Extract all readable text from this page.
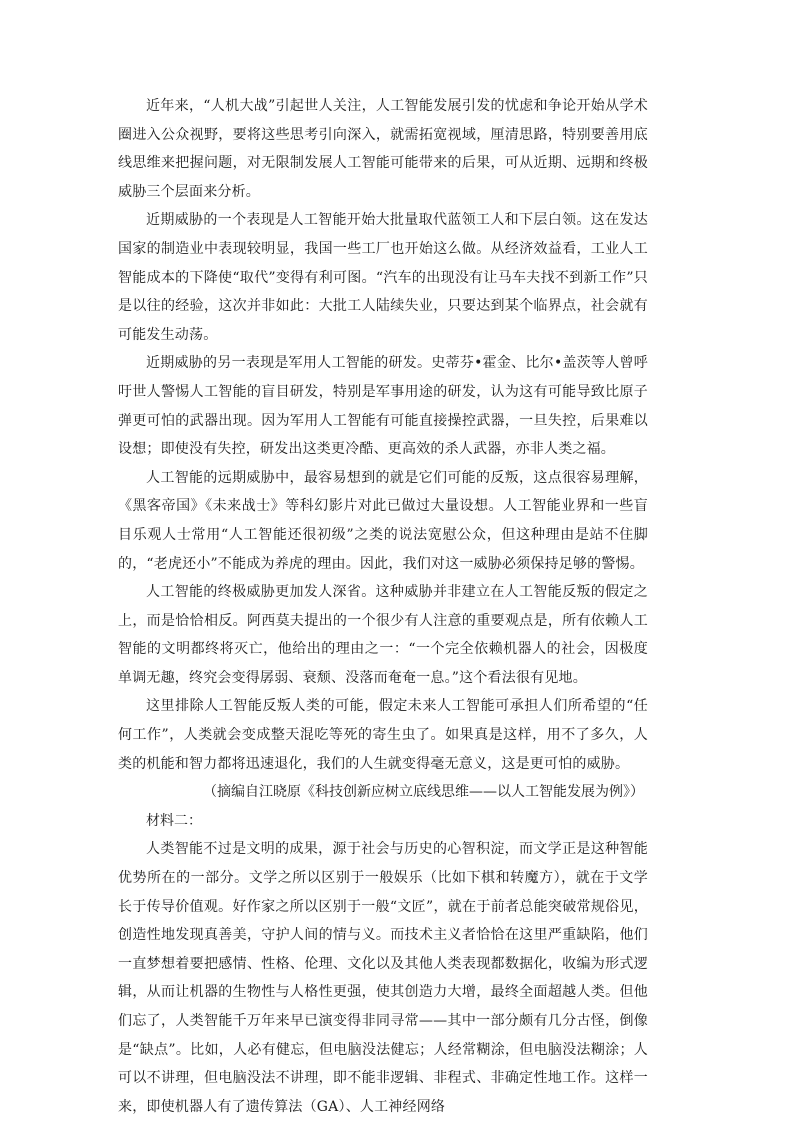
近年来，“人机大战”引起世人关注，人工智能发展引发的忧虑和争论开始从学术圈进入公众视野，要将这些思考引向深入，就需拓宽视域，厘清思路，特别要善用底线思维来把握问题，对无限制发展人工智能可能带来的后果，可从近期、远期和终极威胁三个层面来分析。

近期威胁的一个表现是人工智能开始大批量取代蓝领工人和下层白领。这在发达国家的制造业中表现较明显，我国一些工厂也开始这么做。从经济效益看，工业人工智能成本的下降使“取代”变得有利可图。“汽车的出现没有让马车夫找不到新工作”只是以往的经验，这次并非如此：大批工人陆续失业，只要达到某个临界点，社会就有可能发生动荡。

近期威胁的另一表现是军用人工智能的研发。史蒂芬•霍金、比尔•盖茨等人曾呼吁世人警惕人工智能的盲目研发，特别是军事用途的研发，认为这有可能导致比原子弹更可怕的武器出现。因为军用人工智能有可能直接操控武器，一旦失控，后果难以设想；即使没有失控，研发出这类更冷酷、更高效的杀人武器，亦非人类之福。

人工智能的远期威胁中，最容易想到的就是它们可能的反叛，这点很容易理解，《黑客帝国》《未来战士》等科幻影片对此已做过大量设想。人工智能业界和一些盲目乐观人士常用“人工智能还很初级”之类的说法宽慰公众，但这种理由是站不住脚的，“老虎还小”不能成为养虎的理由。因此，我们对这一威胁必须保持足够的警惕。

人工智能的终极威胁更加发人深省。这种威胁并非建立在人工智能反叛的假定之上，而是恰恰相反。阿西莫夫提出的一个很少有人注意的重要观点是，所有依赖人工智能的文明都终将灭亡，他给出的理由之一：“一个完全依赖机器人的社会，因极度单调无趣，终究会变得孱弱、衰颓、没落而奄奄一息。”这个看法很有见地。

这里排除人工智能反叛人类的可能，假定未来人工智能可承担人们所希望的“任何工作”，人类就会变成整天混吃等死的寄生虫了。如果真是这样，用不了多久，人类的机能和智力都将迅速退化，我们的人生就变得毫无意义，这是更可怕的威胁。

（摘编自江晓原《科技创新应树立底线思维——以人工智能发展为例》）

材料二：

人类智能不过是文明的成果，源于社会与历史的心智积淀，而文学正是这种智能优势所在的一部分。文学之所以区别于一般娱乐（比如下棋和转魔方），就在于文学长于传导价值观。好作家之所以区别于一般“文匠”，就在于前者总能突破常规俗见，创造性地发现真善美，守护人间的情与义。而技术主义者恰恰在这里严重缺陷，他们一直梦想着要把感情、性格、伦理、文化以及其他人类表现都数据化，收编为形式逻辑，从而让机器的生物性与人格性更强，使其创造力大增，最终全面超越人类。但他们忘了，人类智能千万年来早已演变得非同寻常——其中一部分颇有几分古怪，倒像是“缺点”。比如，人必有健忘，但电脑没法健忘；人经常糊涂，但电脑没法糊涂；人可以不讲理，但电脑没法不讲理，即不能非逻辑、非程式、非确定性地工作。这样一来，即使机器人有了遗传算法（GA）、人工神经网络
